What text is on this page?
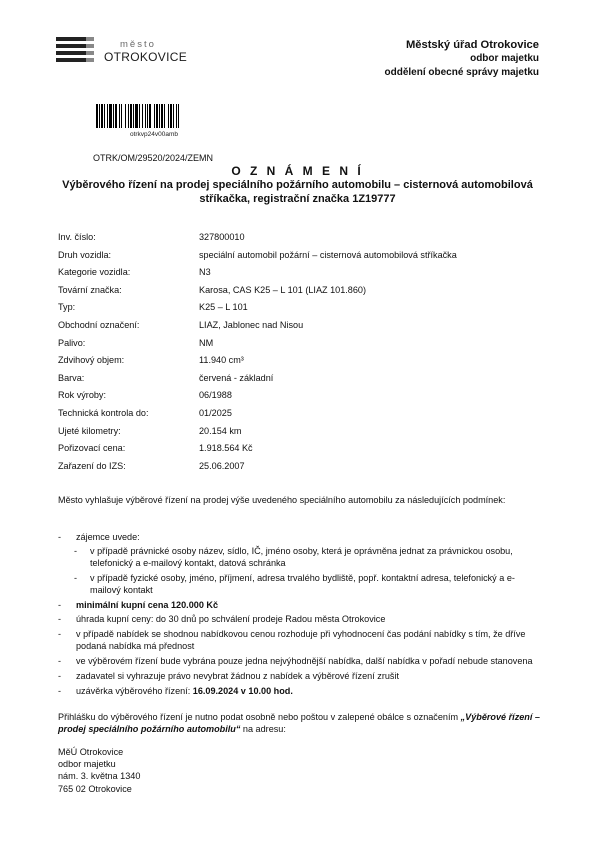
město
OTROKOVICE
Městský úřad Otrokovice
odbor majetku
oddělení obecné správy majetku
otrkvp24v00amb
OTRK/OM/29520/2024/ZEMN
O Z N Á M E N Í
Výběrového řízení na prodej speciálního požárního automobilu – cisternová automobilová stříkačka, registrační značka 1Z19777
Inv. číslo:	327800010
Druh vozidla:	speciální automobil požární – cisternová automobilová stříkačka
Kategorie vozidla:	N3
Tovární značka:	Karosa, CAS K25 – L 101 (LIAZ 101.860)
Typ:	K25 – L 101
Obchodní označení:	LIAZ, Jablonec nad Nisou
Palivo:	NM
Zdvihový objem:	11.940 cm³
Barva:	červená - základní
Rok výroby:	06/1988
Technická kontrola do:	01/2025
Ujeté kilometry:	20.154 km
Pořizovací cena:	1.918.564 Kč
Zařazení do IZS:	25.06.2007
Město vyhlašuje výběrové řízení na prodej výše uvedeného speciálního automobilu za následujících podmínek:
- zájemce uvede:
- v případě právnické osoby název, sídlo, IČ, jméno osoby, která je oprávněna jednat za právnickou osobu, telefonický a e-mailový kontakt, datová schránka
- v případě fyzické osoby, jméno, příjmení, adresa trvalého bydliště, popř. kontaktní adresa, telefonický a e-mailový kontakt
- minimální kupní cena 120.000 Kč
- úhrada kupní ceny: do 30 dnů po schválení prodeje Radou města Otrokovice
- v případě nabídek se shodnou nabídkovou cenou rozhoduje při vyhodnocení čas podání nabídky s tím, že dříve podaná nabídka má přednost
- ve výběrovém řízení bude vybrána pouze jedna nejvýhodnější nabídka, další nabídka v pořadí nebude stanovena
- zadavatel si vyhrazuje právo nevybrat žádnou z nabídek a výběrové řízení zrušit
- uzávěrka výběrového řízení: 16.09.2024 v 10.00 hod.
Přihlášku do výběrového řízení je nutno podat osobně nebo poštou v zalepené obálce s označením „Výběrové řízení – prodej speciálního požárního automobilu“ na adresu:
MěÚ Otrokovice
odbor majetku
nám. 3. května 1340
765 02 Otrokovice
